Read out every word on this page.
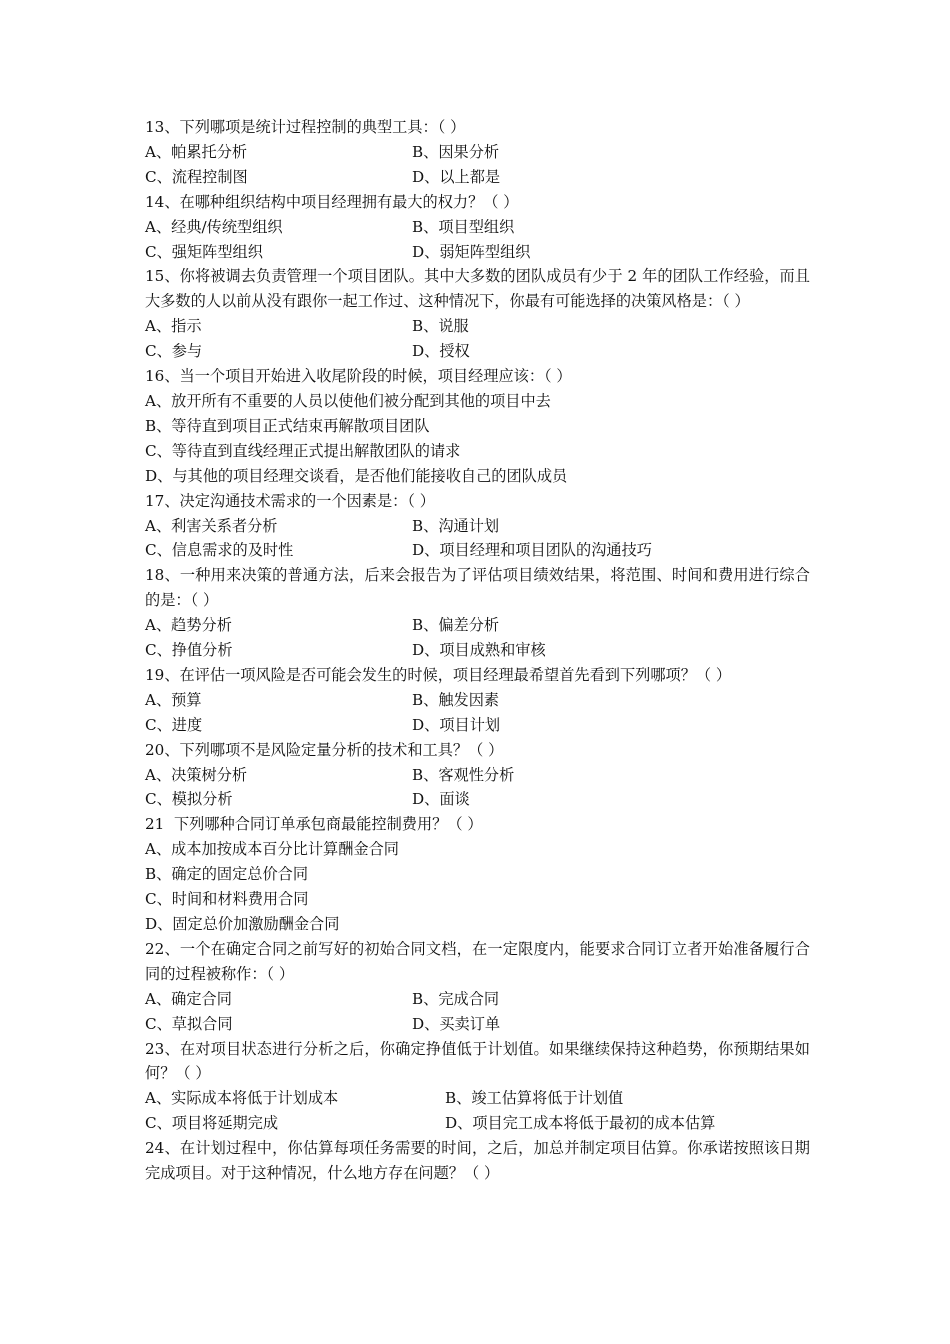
13、下列哪项是统计过程控制的典型工具：（ ）
A、帕累托分析	B、因果分析
C、流程控制图	D、以上都是
14、在哪种组织结构中项目经理拥有最大的权力？（ ）
A、经典/传统型组织	B、项目型组织
C、强矩阵型组织	D、弱矩阵型组织
15、你将被调去负责管理一个项目团队。其中大多数的团队成员有少于 2 年的团队工作经验，而且大多数的人以前从没有跟你一起工作过、这种情况下，你最有可能选择的决策风格是：（ ）
A、指示	B、说服
C、参与	D、授权
16、当一个项目开始进入收尾阶段的时候，项目经理应该：（ ）
A、放开所有不重要的人员以使他们被分配到其他的项目中去
B、等待直到项目正式结束再解散项目团队
C、等待直到直线经理正式提出解散团队的请求
D、与其他的项目经理交谈看，是否他们能接收自己的团队成员
17、决定沟通技术需求的一个因素是：（ ）
A、利害关系者分析	B、沟通计划
C、信息需求的及时性	D、项目经理和项目团队的沟通技巧
18、一种用来决策的普通方法，后来会报告为了评估项目绩效结果，将范围、时间和费用进行综合的是：（ ）
A、趋势分析	B、偏差分析
C、挣值分析	D、项目成熟和审核
19、在评估一项风险是否可能会发生的时候，项目经理最希望首先看到下列哪项？（ ）
A、预算	B、触发因素
C、进度	D、项目计划
20、下列哪项不是风险定量分析的技术和工具？（ ）
A、决策树分析	B、客观性分析
C、模拟分析	D、面谈
21  下列哪种合同订单承包商最能控制费用？（ ）
A、成本加按成本百分比计算酬金合同
B、确定的固定总价合同
C、时间和材料费用合同
D、固定总价加激励酬金合同
22、一个在确定合同之前写好的初始合同文档，在一定限度内，能要求合同订立者开始准备履行合同的过程被称作：（ ）
A、确定合同	B、完成合同
C、草拟合同	D、买卖订单
23、在对项目状态进行分析之后，你确定挣值低于计划值。如果继续保持这种趋势，你预期结果如何？（ ）
A、实际成本将低于计划成本	B、竣工估算将低于计划值
C、项目将延期完成	D、项目完工成本将低于最初的成本估算
24、在计划过程中，你估算每项任务需要的时间，之后，加总并制定项目估算。你承诺按照该日期完成项目。对于这种情况，什么地方存在问题？（ ）
